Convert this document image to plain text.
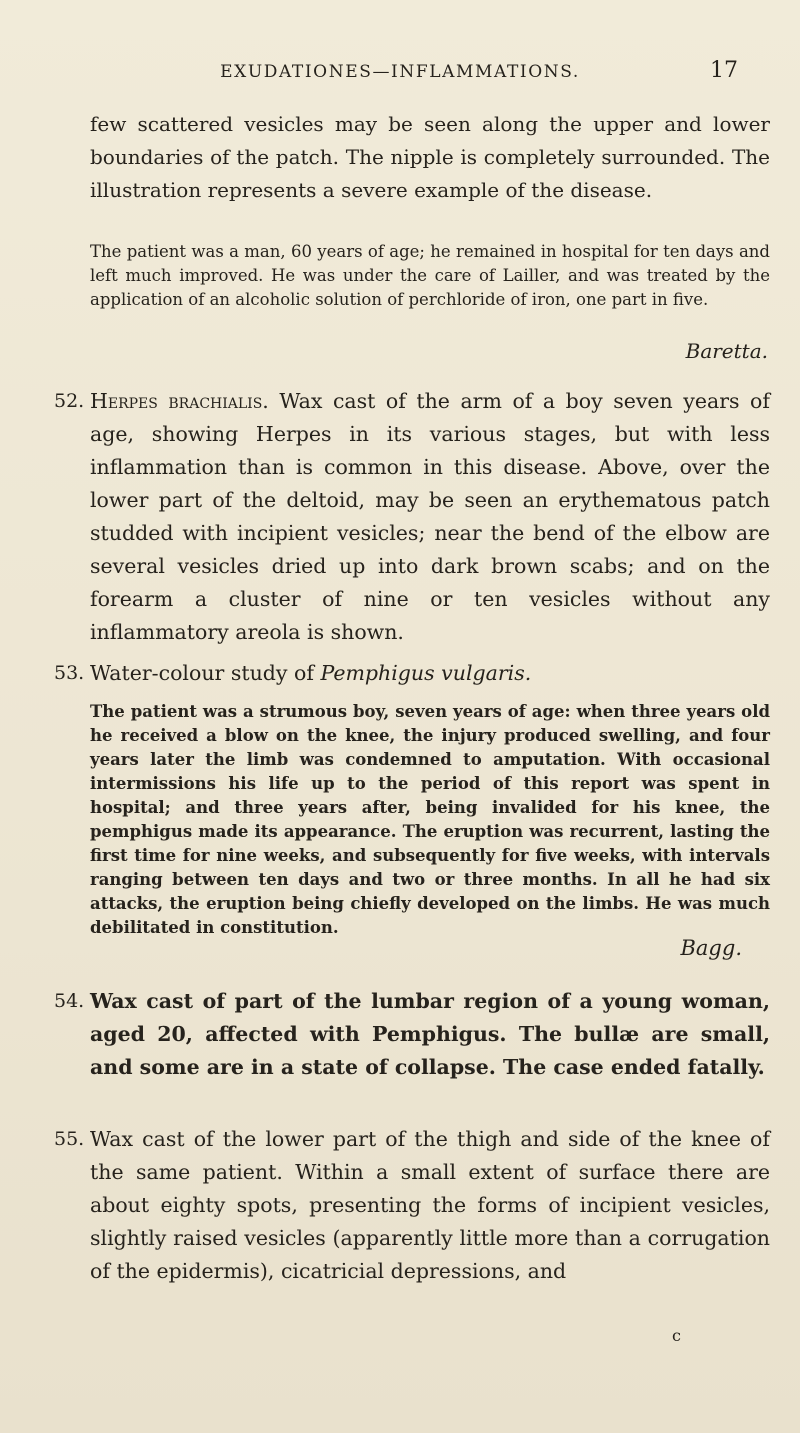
EXUDATIONES—INFLAMMATIONS.	17

few scattered vesicles may be seen along the upper and lower boundaries of the patch. The nipple is completely surrounded. The illustration represents a severe example of the disease.

The patient was a man, 60 years of age; he remained in hospital for ten days and left much improved. He was under the care of Lailler, and was treated by the application of an alcoholic solution of perchloride of iron, one part in five.

Baretta.
52. Herpes brachialis. Wax cast of the arm of a boy seven years of age, showing Herpes in its various stages, but with less inflammation than is common in this disease. Above, over the lower part of the deltoid, may be seen an erythematous patch studded with incipient vesicles; near the bend of the elbow are several vesicles dried up into dark brown scabs; and on the forearm a cluster of nine or ten vesicles without any inflammatory areola is shown.
53. Water-colour study of Pemphigus vulgaris.

The patient was a strumous boy, seven years of age: when three years old he received a blow on the knee, the injury produced swelling, and four years later the limb was condemned to amputation. With occasional intermissions his life up to the period of this report was spent in hospital; and three years after, being invalided for his knee, the pemphigus made its appearance. The eruption was recurrent, lasting the first time for nine weeks, and subsequently for five weeks, with intervals ranging between ten days and two or three months. In all he had six attacks, the eruption being chiefly developed on the limbs. He was much debilitated in constitution.

Bagg.
54. Wax cast of part of the lumbar region of a young woman, aged 20, affected with Pemphigus. The bullæ are small, and some are in a state of collapse. The case ended fatally.
55. Wax cast of the lower part of the thigh and side of the knee of the same patient. Within a small extent of surface there are about eighty spots, presenting the forms of incipient vesicles, slightly raised vesicles (apparently little more than a corrugation of the epidermis), cicatricial depressions, and
c
